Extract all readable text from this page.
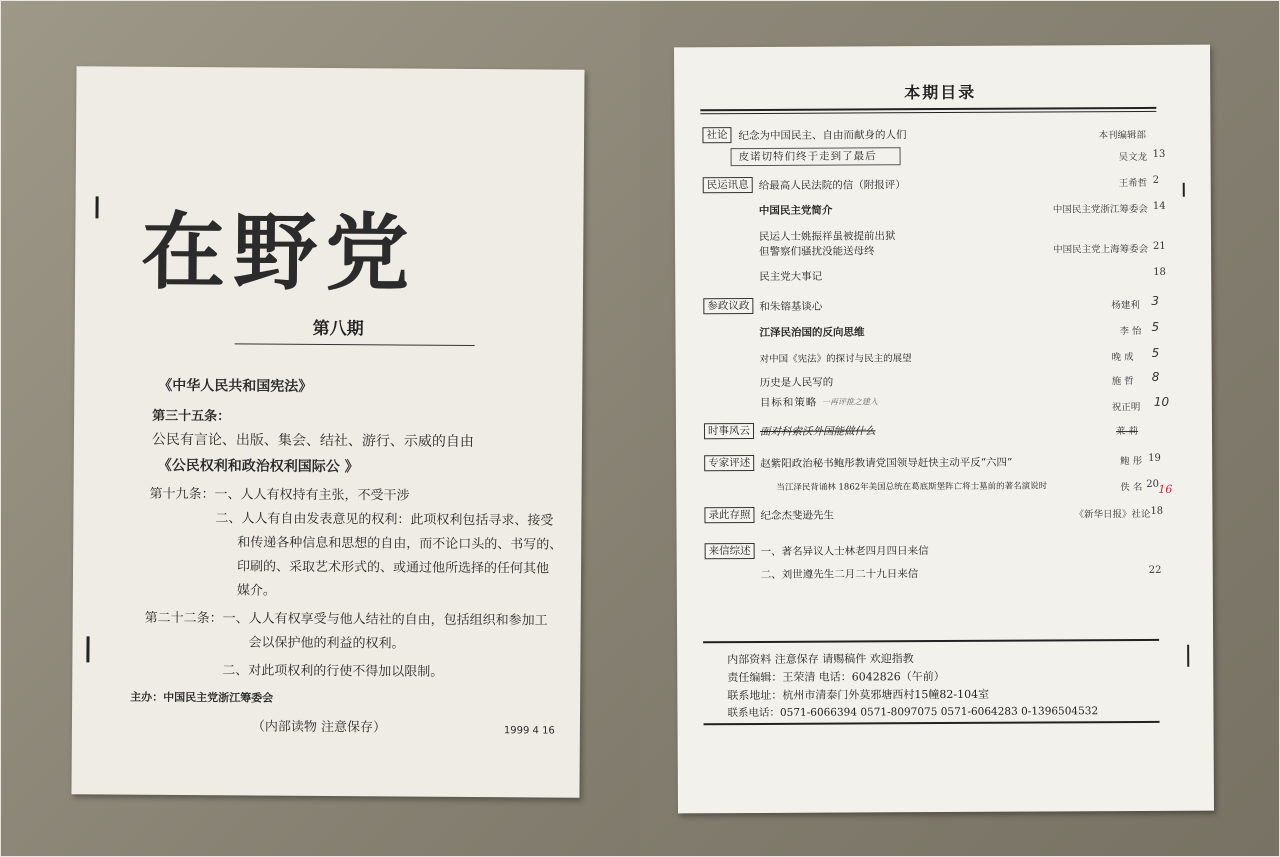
在野党
第八期
《中华人民共和国宪法》
第三十五条：
公民有言论、出版、集会、结社、游行、示威的自由
《公民权利和政治权利国际公 》
第十九条：一、人人有权持有主张，不受干涉
二、人人有自由发表意见的权利：此项权利包括寻求、接受
和传递各种信息和思想的自由，而不论口头的、书写的、
印刷的、采取艺术形式的、或通过他所选择的任何其他
媒介。
第二十二条：一、人人有权享受与他人结社的自由，包括组织和参加工
会以保护他的利益的权利。
二、对此项权利的行使不得加以限制。
主办：中国民主党浙江筹委会
（内部读物 注意保存）	1999 4 16
本期目录
社论	纪念为中国民主、自由而献身的人们	本刊编辑部
皮诺切特们终于走到了最后	吴文龙 13
民运讯息 给最高人民法院的信（附报评）	王希哲 2
中国民主党简介	中国民主党浙江筹委会 14
民运人士姚振祥虽被提前出狱
但警察们骚扰没能送母终	中国民主党上海筹委会 21
民主党大事记	18
参政议政 和朱镕基谈心	杨建利 3
江泽民治国的反向思维	李 怡 5
对中国《宪法》的探讨与民主的展望	晚 成 5
历史是人民写的	施 哲 8
目标和策略 一再评推之建入	祝正明 10
时事风云 面对科索沃外国能做什么	莱 莉
专家评述 赵紫阳政治秘书鲍彤教请党国领导赶快主动平反“六四”	鲍 彤 19
当江泽民背诵林 1862年美国总统在葛底斯堡阵亡将士墓前的著名演说时	佚 名 20 16
录此存照 纪念杰斐逊先生	《新华日报》社论 18
来信综述 一、著名异议人士林老四月四日来信
二、刘世遵先生二月二十九日来信	22
内部资料 注意保存 请赐稿件 欢迎指教
责任编辑：王荣清 电话：6042826（午前）
联系地址：杭州市清泰门外莫邪塘西村15幢82-104室
联系电话：0571-6066394 0571-8097075 0571-6064283 0-1396504532
